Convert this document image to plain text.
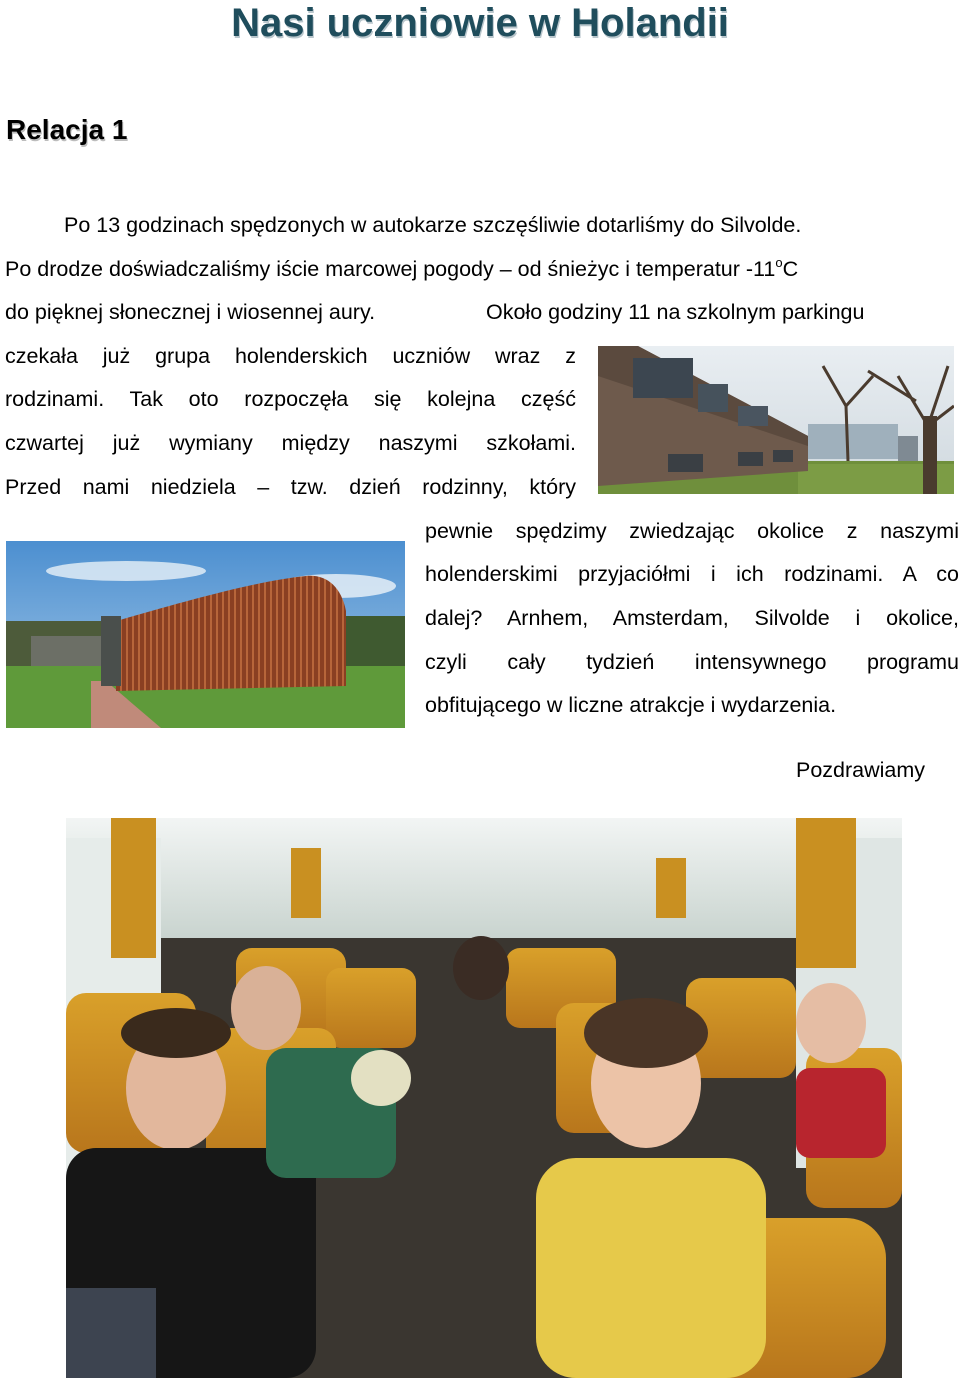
Nasi uczniowie w Holandii
Relacja 1
Po 13 godzinach spędzonych w autokarze szczęśliwie dotarliśmy do Silvolde.
Po drodze doświadczaliśmy iście marcowej pogody – od śnieżyc i temperatur -11$^o$C
do pięknej słonecznej i wiosennej aury.	Około godziny 11 na szkolnym parkingu
czekała już grupa holenderskich uczniów wraz z
rodzinami. Tak oto rozpoczęła się kolejna część
czwartej już wymiany między naszymi szkołami.
Przed nami niedziela – tzw. dzień rodzinny, który
pewnie spędzimy zwiedzając okolice z naszymi
holenderskimi przyjaciółmi i ich rodzinami. A co
dalej? Arnhem, Amsterdam, Silvolde i okolice,
czyli cały tydzień intensywnego programu
obfitującego w liczne atrakcje i wydarzenia.
Pozdrawiamy
